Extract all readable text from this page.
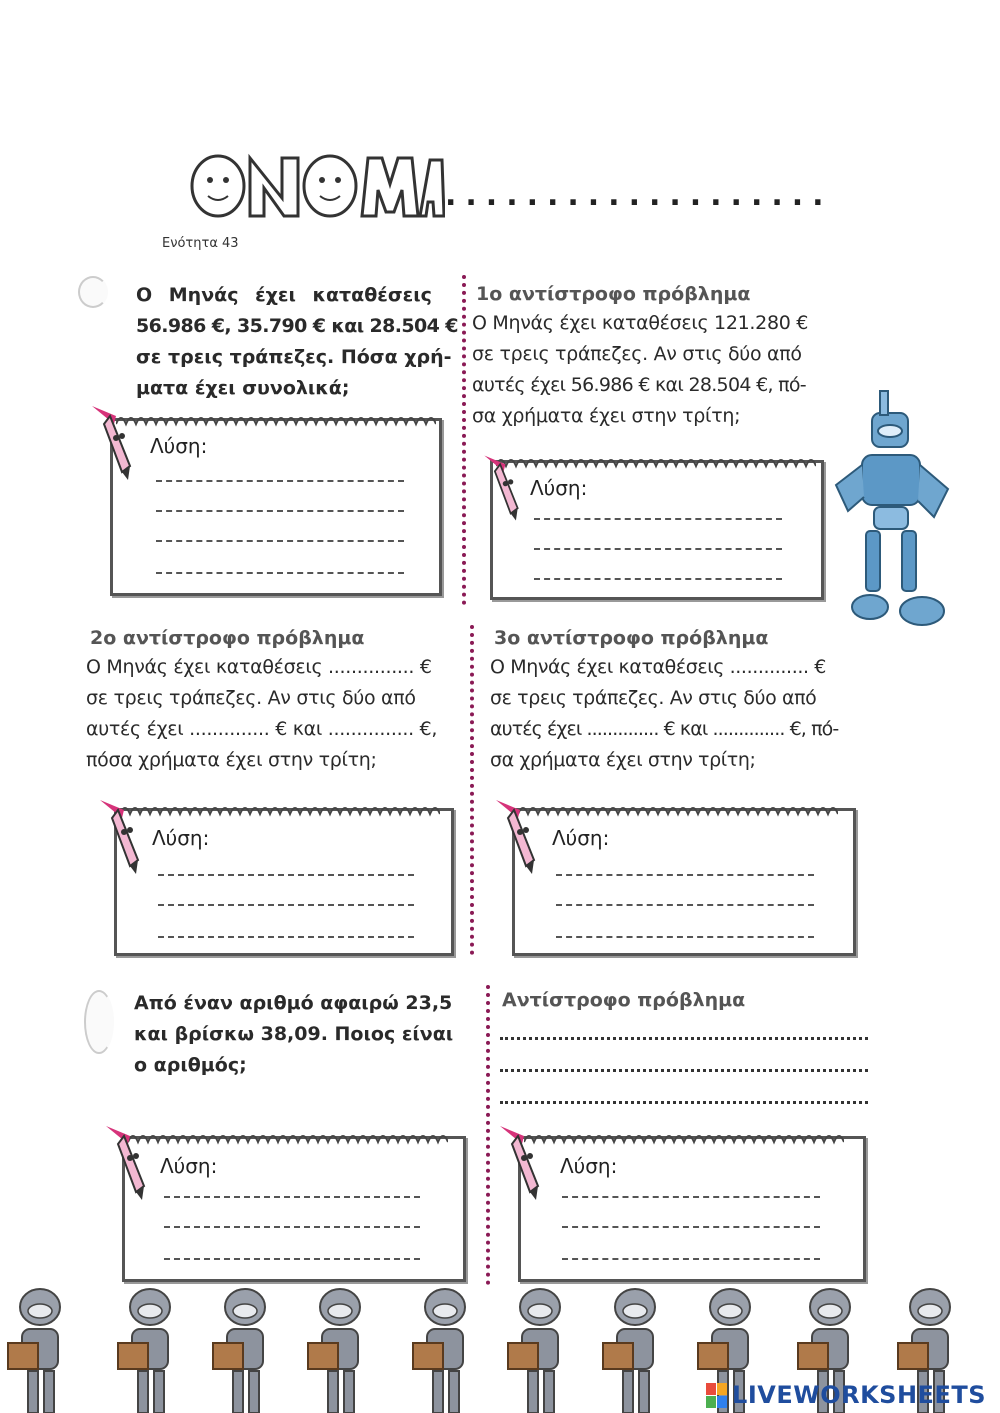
...................
Ενότητα 43
Ο Μηνάς έχει καταθέσεις
56.986 €, 35.790 € και 28.504 €
σε τρεις τράπεζες. Πόσα χρή-
ματα έχει συνολικά;
1ο αντίστροφο πρόβλημα
Ο Μηνάς έχει καταθέσεις 121.280 €
σε τρεις τράπεζες. Αν στις δύο από
αυτές έχει 56.986 € και 28.504 €, πό-
σα χρήματα έχει στην τρίτη;
2ο αντίστροφο πρόβλημα
Ο Μηνάς έχει καταθέσεις ............... €
σε τρεις τράπεζες. Αν στις δύο από
αυτές έχει .............. € και ............... €,
πόσα χρήματα έχει στην τρίτη;
3ο αντίστροφο πρόβλημα
Ο Μηνάς έχει καταθέσεις .............. €
σε τρεις τράπεζες. Αν στις δύο από
αυτές έχει .............. € και .............. €, πό-
σα χρήματα έχει στην τρίτη;
Από έναν αριθμό αφαιρώ 23,5
και βρίσκω 38,09. Ποιος είναι
ο αριθμός;
Αντίστροφο πρόβλημα
Λύση:
Λύση:
Λύση:	Λύση:
Λύση:	Λύση:
LIVEWORKSHEETS
